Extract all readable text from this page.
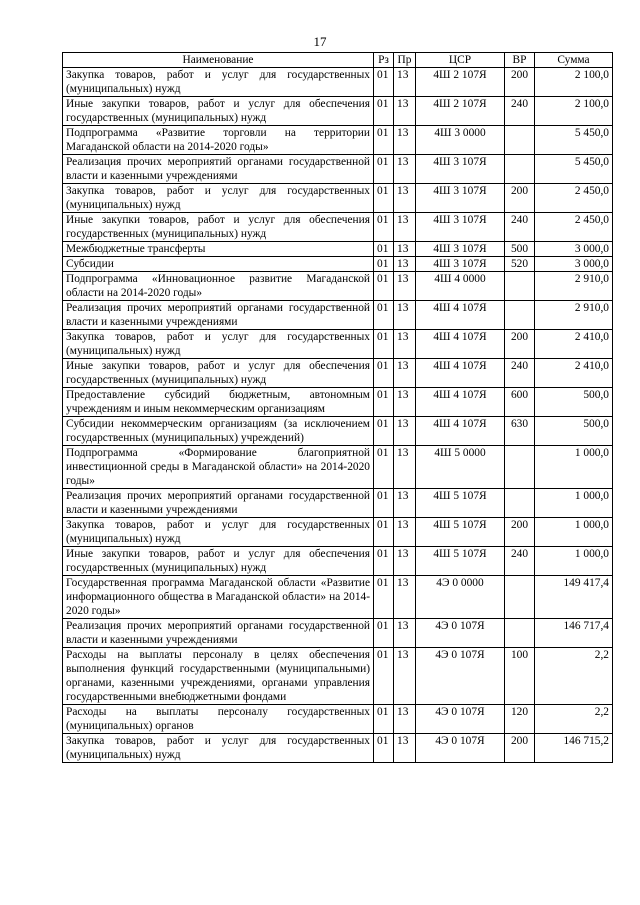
17
Наименование	Рз	Пр	ЦСР	ВР	Сумма
Закупка товаров, работ и услуг для государственных (муниципальных) нужд	01	13	4Ш 2 107Я	200	2 100,0
Иные закупки товаров, работ и услуг для обеспечения государственных (муниципальных) нужд	01	13	4Ш 2 107Я	240	2 100,0
Подпрограмма «Развитие торговли на территории Магаданской области на 2014-2020 годы»	01	13	4Ш 3 0000		5 450,0
Реализация прочих мероприятий органами государственной власти и казенными учреждениями	01	13	4Ш 3 107Я		5 450,0
Закупка товаров, работ и услуг для государственных (муниципальных) нужд	01	13	4Ш 3 107Я	200	2 450,0
Иные закупки товаров, работ и услуг для обеспечения государственных (муниципальных) нужд	01	13	4Ш 3 107Я	240	2 450,0
Межбюджетные трансферты	01	13	4Ш 3 107Я	500	3 000,0
Субсидии	01	13	4Ш 3 107Я	520	3 000,0
Подпрограмма «Инновационное развитие Магаданской области на 2014-2020 годы»	01	13	4Ш 4 0000		2 910,0
Реализация прочих мероприятий органами государственной власти и казенными учреждениями	01	13	4Ш 4 107Я		2 910,0
Закупка товаров, работ и услуг для государственных (муниципальных) нужд	01	13	4Ш 4 107Я	200	2 410,0
Иные закупки товаров, работ и услуг для обеспечения государственных (муниципальных) нужд	01	13	4Ш 4 107Я	240	2 410,0
Предоставление субсидий бюджетным, автономным учреждениям и иным некоммерческим организациям	01	13	4Ш 4 107Я	600	500,0
Субсидии некоммерческим организациям (за исключением государственных (муниципальных) учреждений)	01	13	4Ш 4 107Я	630	500,0
Подпрограмма «Формирование благоприятной инвестиционной среды в Магаданской области» на 2014-2020 годы»	01	13	4Ш 5 0000		1 000,0
Реализация прочих мероприятий органами государственной власти и казенными учреждениями	01	13	4Ш 5 107Я		1 000,0
Закупка товаров, работ и услуг для государственных (муниципальных) нужд	01	13	4Ш 5 107Я	200	1 000,0
Иные закупки товаров, работ и услуг для обеспечения государственных (муниципальных) нужд	01	13	4Ш 5 107Я	240	1 000,0
Государственная программа Магаданской области «Развитие информационного общества в Магаданской области» на 2014-2020 годы»	01	13	4Э 0 0000		149 417,4
Реализация прочих мероприятий органами государственной власти и казенными учреждениями	01	13	4Э 0 107Я		146 717,4
Расходы на выплаты персоналу в целях обеспечения выполнения функций государственными (муниципальными) органами, казенными учреждениями, органами управления государственными внебюджетными фондами	01	13	4Э 0 107Я	100	2,2
Расходы на выплаты персоналу государственных (муниципальных) органов	01	13	4Э 0 107Я	120	2,2
Закупка товаров, работ и услуг для государственных (муниципальных) нужд	01	13	4Э 0 107Я	200	146 715,2
